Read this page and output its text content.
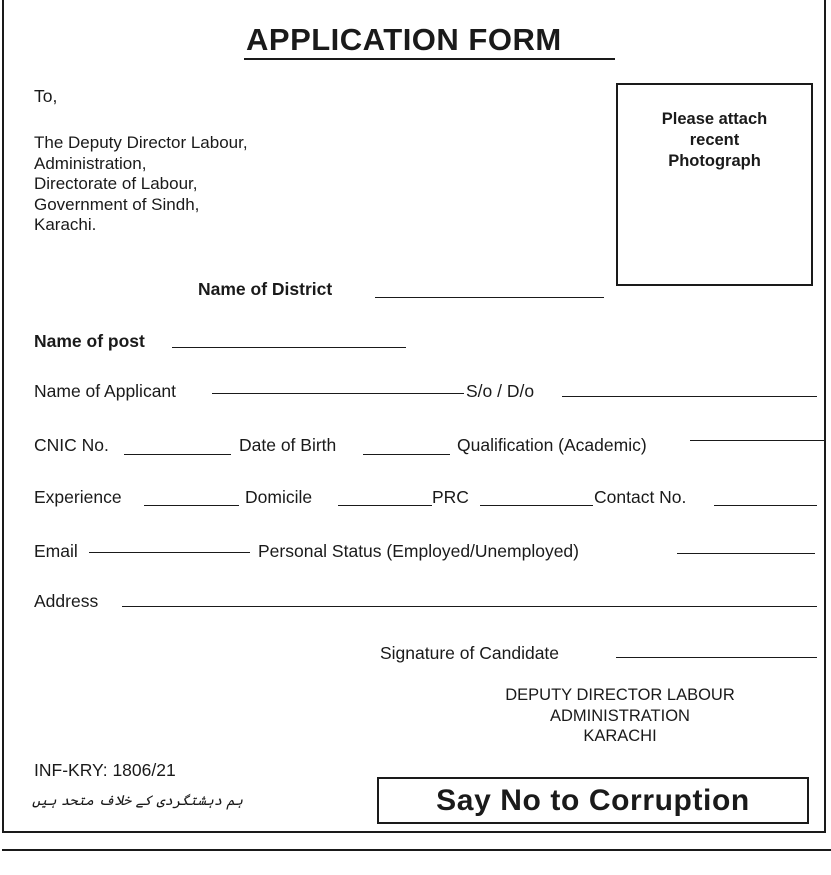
APPLICATION FORM
To,
The Deputy Director Labour,
Administration,
Directorate of Labour,
Government of Sindh,
Karachi.
Please attach
recent
Photograph
Name of District
Name of post
Name of Applicant	S/o / D/o
CNIC No.	Date of Birth	Qualification (Academic)
Experience	Domicile	PRC	Contact No.
Email	Personal Status (Employed/Unemployed)
Address
Signature of Candidate
DEPUTY DIRECTOR LABOUR
ADMINISTRATION
KARACHI
INF-KRY: 1806/21
ہم دہشتگردی کے خلاف متحد ہیں	Say No to Corruption
